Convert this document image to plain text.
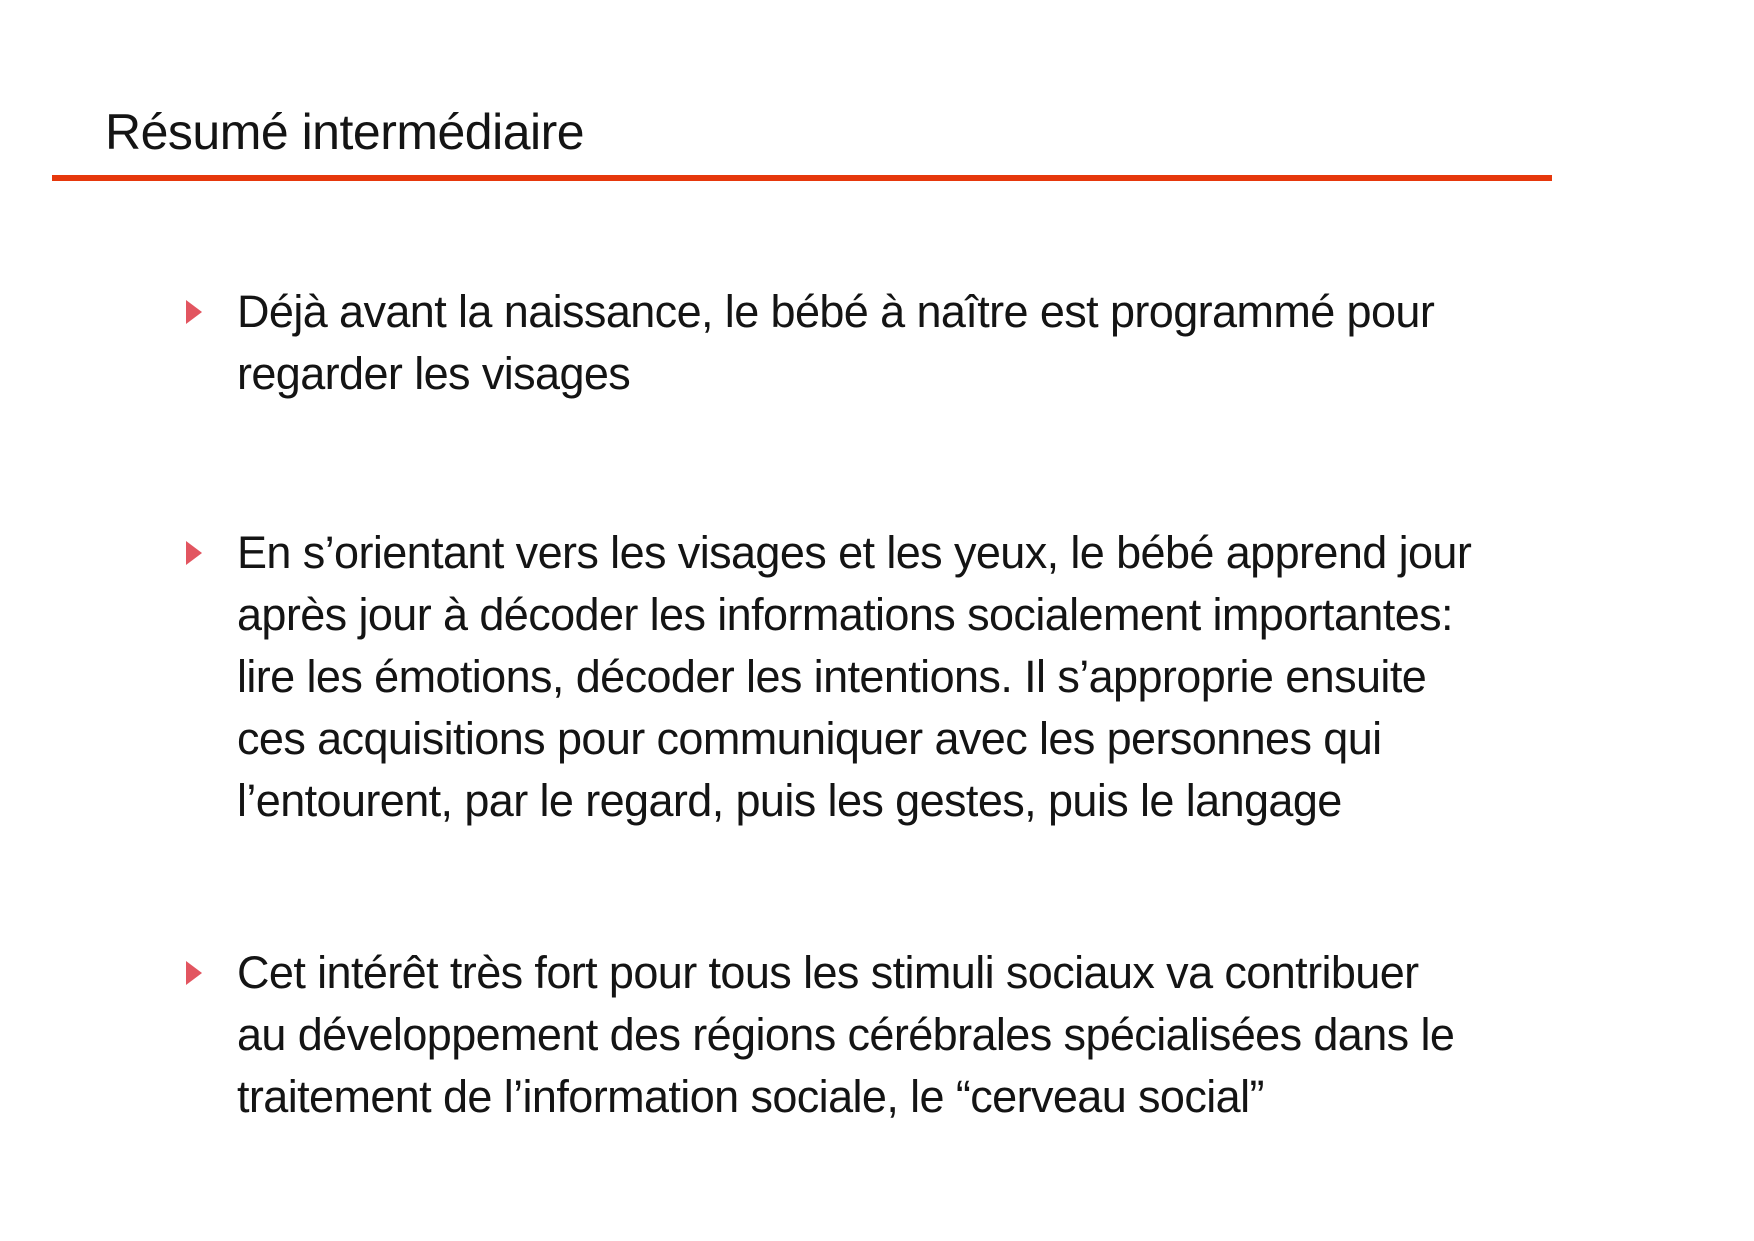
Résumé intermédiaire
Déjà avant la naissance, le bébé à naître est programmé pour
regarder les visages
En s’orientant vers les visages et les yeux, le bébé apprend jour
après jour à décoder les informations socialement importantes:
lire les émotions, décoder les intentions. Il s’approprie ensuite
ces acquisitions pour communiquer avec les personnes qui
l’entourent, par le regard, puis les gestes, puis le langage
Cet intérêt très fort pour tous les stimuli sociaux va contribuer
au développement des régions cérébrales spécialisées dans le
traitement de l’information sociale, le “cerveau social”
